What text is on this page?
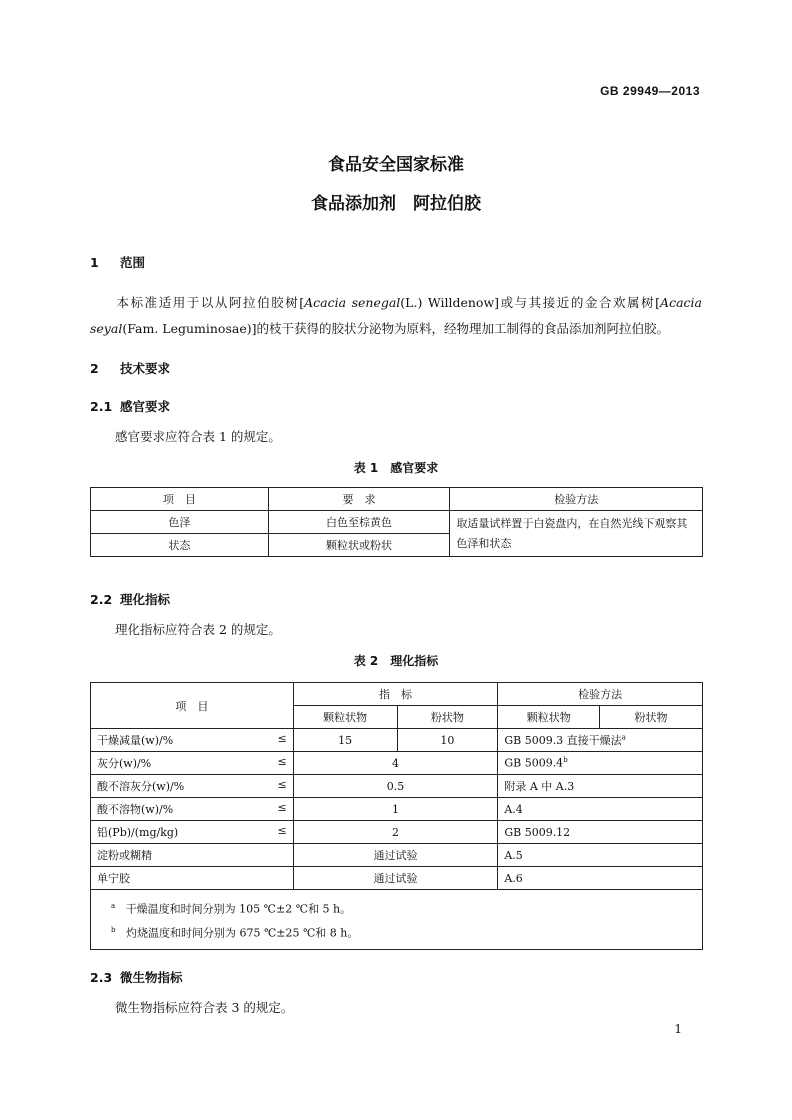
GB 29949—2013
食品安全国家标准
食品添加剂　阿拉伯胶
1 范围
本标准适用于以从阿拉伯胶树[Acacia senegal(L.) Willdenow]或与其接近的金合欢属树[Acacia seyal(Fam. Leguminosae)]的枝干获得的胶状分泌物为原料，经物理加工制得的食品添加剂阿拉伯胶。
2 技术要求
2.1 感官要求
感官要求应符合表 1 的规定。
表 1　感官要求
项　目	要　求	检验方法
色泽	白色至棕黄色	取适量试样置于白瓷盘内，在自然光线下观察其色泽和状态
状态	颗粒状或粉状	
2.2 理化指标
理化指标应符合表 2 的规定。
表 2　理化指标
项　目	指　标		检验方法	
	颗粒状物	粉状物	颗粒状物	粉状物
干燥减量(w)/% ≤	15	10	GB 5009.3 直接干燥法$^a$
灰分(w)/% ≤	4		GB 5009.4$^b$
酸不溶灰分(w)/% ≤	0.5		附录 A 中 A.3	
酸不溶物(w)/% ≤	1		A.4	
铅(Pb)/(mg/kg) ≤	2		GB 5009.12	
淀粉或糊精	通过试验		A.5	
单宁胶	通过试验		A.6	

$^a$ 干燥温度和时间分别为 105 ℃±2 ℃和 5 h。
$^b$ 灼烧温度和时间分别为 675 ℃±25 ℃和 8 h。				
2.3 微生物指标
微生物指标应符合表 3 的规定。
1
